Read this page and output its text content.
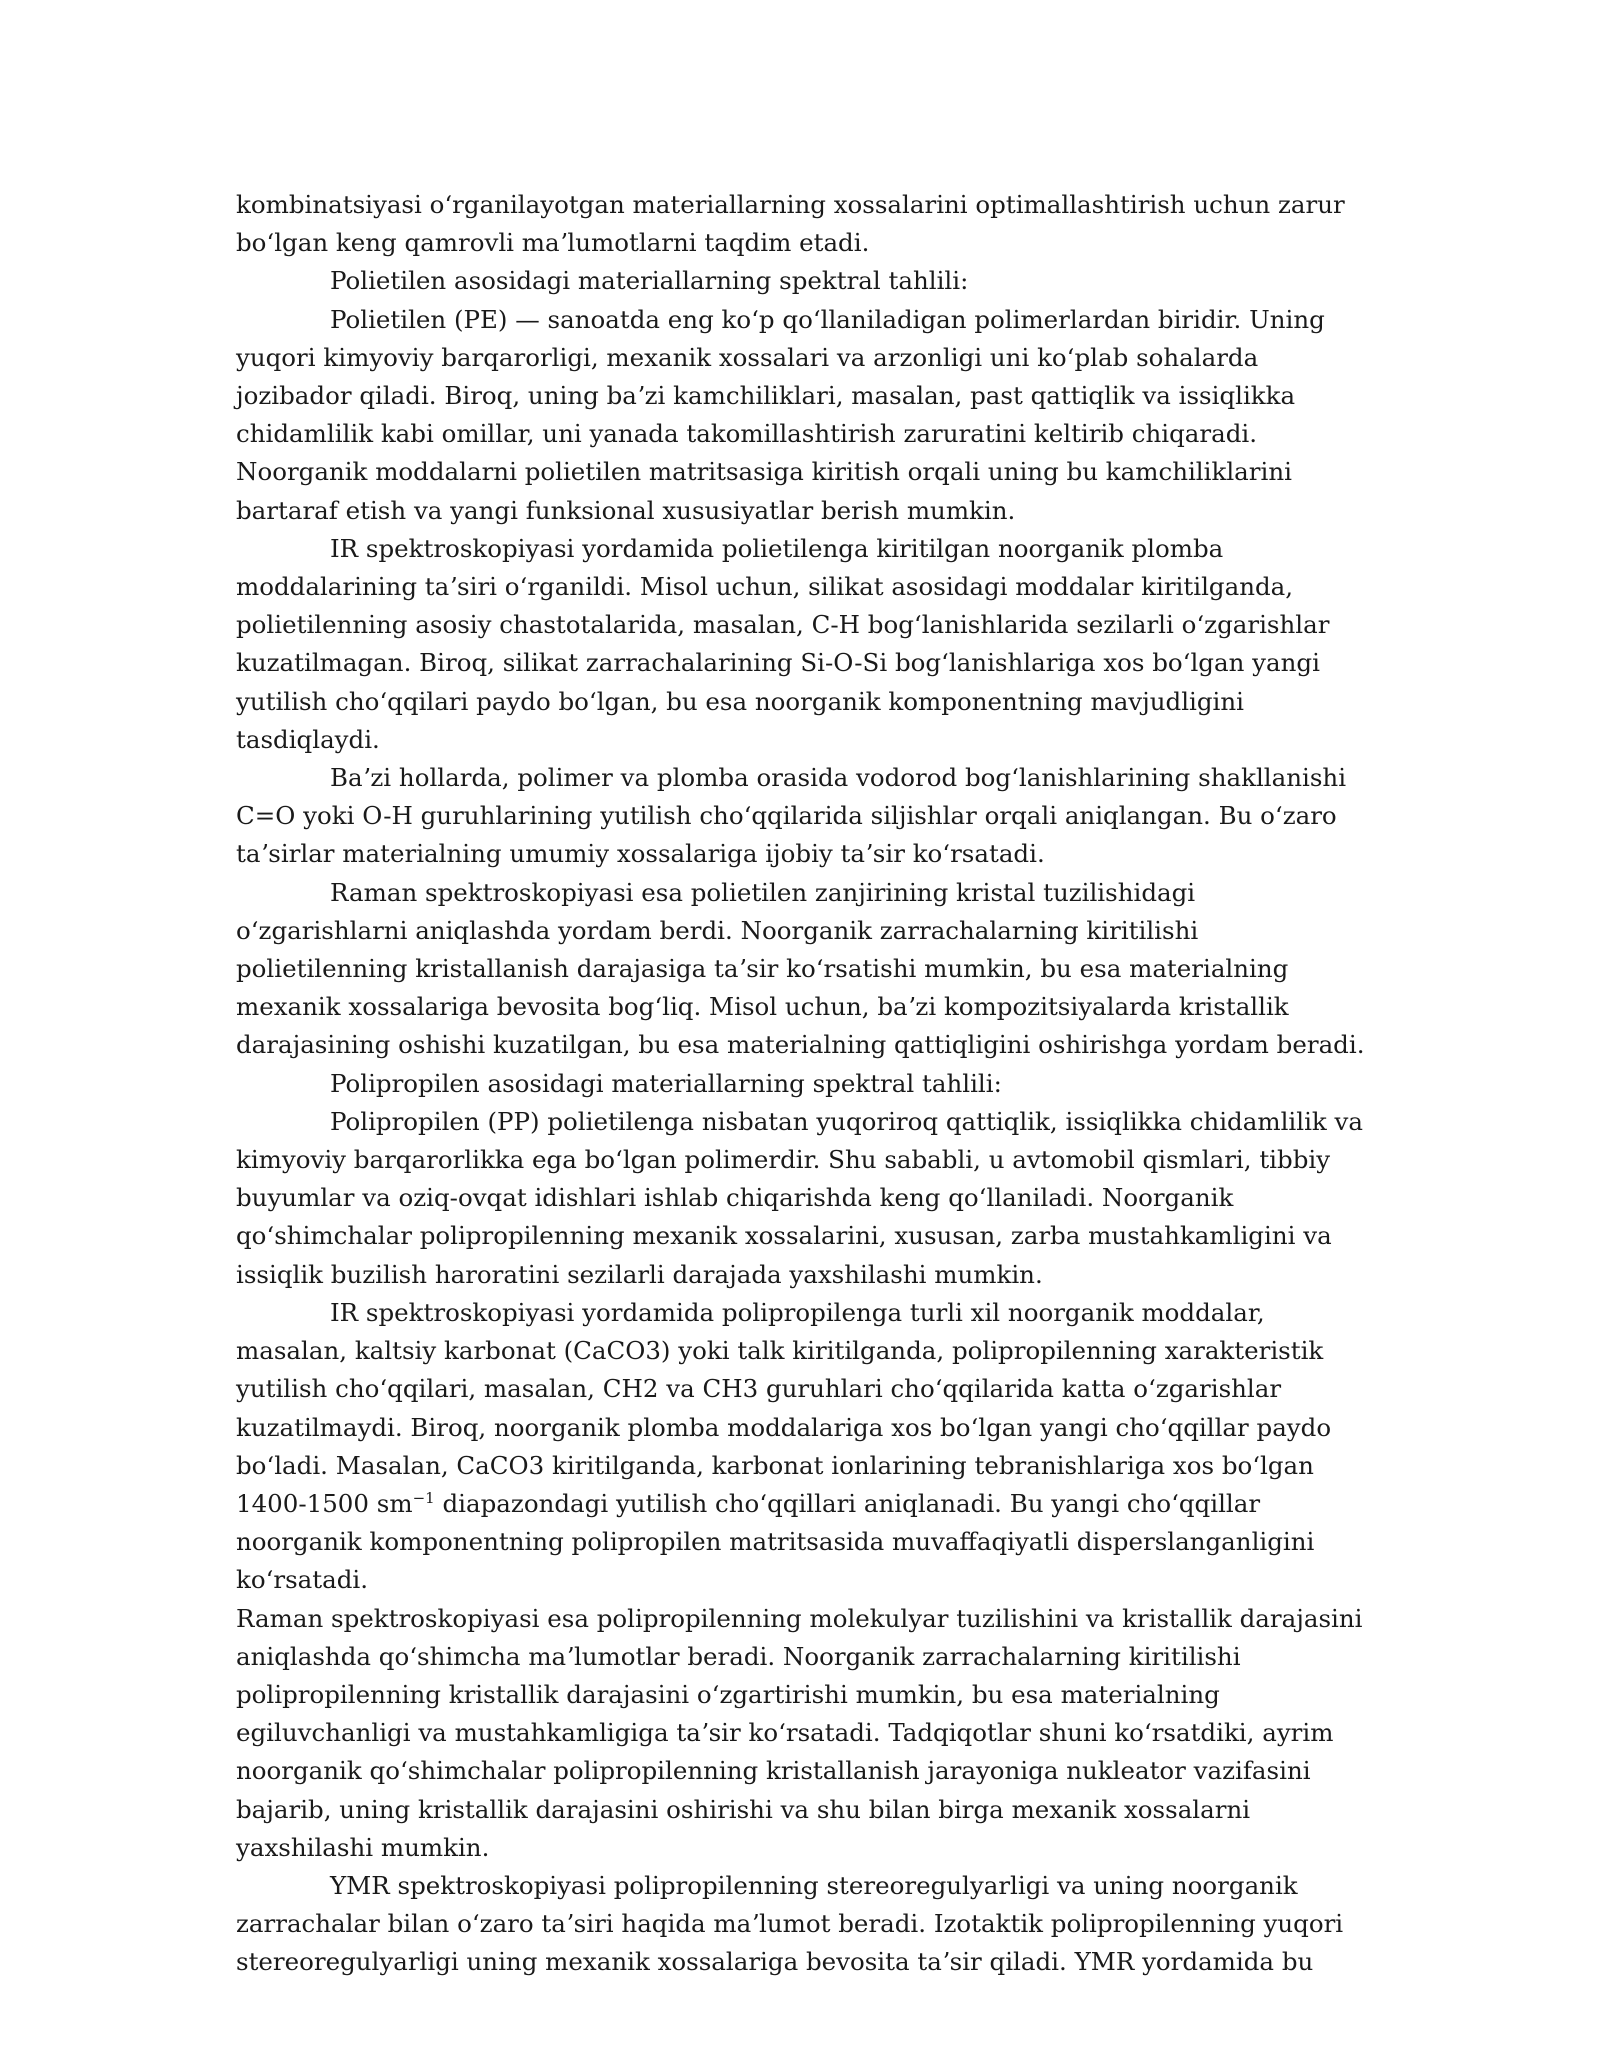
kombinatsiyasi oʻrganilayotgan materiallarning xossalarini optimallashtirish uchun zarur boʻlgan keng qamrovli maʼlumotlarni taqdim etadi.

Polietilen asosidagi materiallarning spektral tahlili:

Polietilen (PE) — sanoatda eng koʻp qoʻllaniladigan polimerlardan biridir. Uning yuqori kimyoviy barqarorligi, mexanik xossalari va arzonligi uni koʻplab sohalarda jozibador qiladi. Biroq, uning baʼzi kamchiliklari, masalan, past qattiqlik va issiqlikka chidamlilik kabi omillar, uni yanada takomillashtirish zaruratini keltirib chiqaradi. Noorganik moddalarni polietilen matritsasiga kiritish orqali uning bu kamchiliklarini bartaraf etish va yangi funksional xususiyatlar berish mumkin.

IR spektroskopiyasi yordamida polietilenga kiritilgan noorganik plomba moddalarining taʼsiri oʻrganildi. Misol uchun, silikat asosidagi moddalar kiritilganda, polietilenning asosiy chastotalarida, masalan, C-H bogʻlanishlarida sezilarli oʻzgarishlar kuzatilmagan. Biroq, silikat zarrachalarining Si-O-Si bogʻlanishlariga xos boʻlgan yangi yutilish choʻqqilari paydo boʻlgan, bu esa noorganik komponentning mavjudligini tasdiqlaydi.

Baʼzi hollarda, polimer va plomba orasida vodorod bogʻlanishlarining shakllanishi C=O yoki O-H guruhlarining yutilish choʻqqilarida siljishlar orqali aniqlangan. Bu oʻzaro taʼsirlar materialning umumiy xossalariga ijobiy taʼsir koʻrsatadi.

Raman spektroskopiyasi esa polietilen zanjirining kristal tuzilishidagi oʻzgarishlarni aniqlashda yordam berdi. Noorganik zarrachalarning kiritilishi polietilenning kristallanish darajasiga taʼsir koʻrsatishi mumkin, bu esa materialning mexanik xossalariga bevosita bogʻliq. Misol uchun, baʼzi kompozitsiyalarda kristallik darajasining oshishi kuzatilgan, bu esa materialning qattiqligini oshirishga yordam beradi.

Polipropilen asosidagi materiallarning spektral tahlili:

Polipropilen (PP) polietilenga nisbatan yuqoriroq qattiqlik, issiqlikka chidamlilik va kimyoviy barqarorlikka ega boʻlgan polimerdir. Shu sababli, u avtomobil qismlari, tibbiy buyumlar va oziq-ovqat idishlari ishlab chiqarishda keng qoʻllaniladi. Noorganik qoʻshimchalar polipropilenning mexanik xossalarini, xususan, zarba mustahkamligini va issiqlik buzilish haroratini sezilarli darajada yaxshilashi mumkin.

IR spektroskopiyasi yordamida polipropilenga turli xil noorganik moddalar, masalan, kaltsiy karbonat (CaCO3) yoki talk kiritilganda, polipropilenning xarakteristik yutilish choʻqqilari, masalan, CH2 va CH3 guruhlari choʻqqilarida katta oʻzgarishlar kuzatilmaydi. Biroq, noorganik plomba moddalariga xos boʻlgan yangi choʻqqillar paydo boʻladi. Masalan, CaCO3 kiritilganda, karbonat ionlarining tebranishlariga xos boʻlgan 1400-1500 $sm^{-1}$ diapazondagi yutilish choʻqqillari aniqlanadi. Bu yangi choʻqqillar noorganik komponentning polipropilen matritsasida muvaffaqiyatli disperslanganligini koʻrsatadi.

Raman spektroskopiyasi esa polipropilenning molekulyar tuzilishini va kristallik darajasini aniqlashda qoʻshimcha maʼlumotlar beradi. Noorganik zarrachalarning kiritilishi polipropilenning kristallik darajasini oʻzgartirishi mumkin, bu esa materialning egiluvchanligi va mustahkamligiga taʼsir koʻrsatadi. Tadqiqotlar shuni koʻrsatdiki, ayrim noorganik qoʻshimchalar polipropilenning kristallanish jarayoniga nukleator vazifasini bajarib, uning kristallik darajasini oshirishi va shu bilan birga mexanik xossalarni yaxshilashi mumkin.

YMR spektroskopiyasi polipropilenning stereoregulyarligi va uning noorganik zarrachalar bilan oʻzaro taʼsiri haqida maʼlumot beradi. Izotaktik polipropilenning yuqori stereoregulyarligi uning mexanik xossalariga bevosita taʼsir qiladi. YMR yordamida bu
